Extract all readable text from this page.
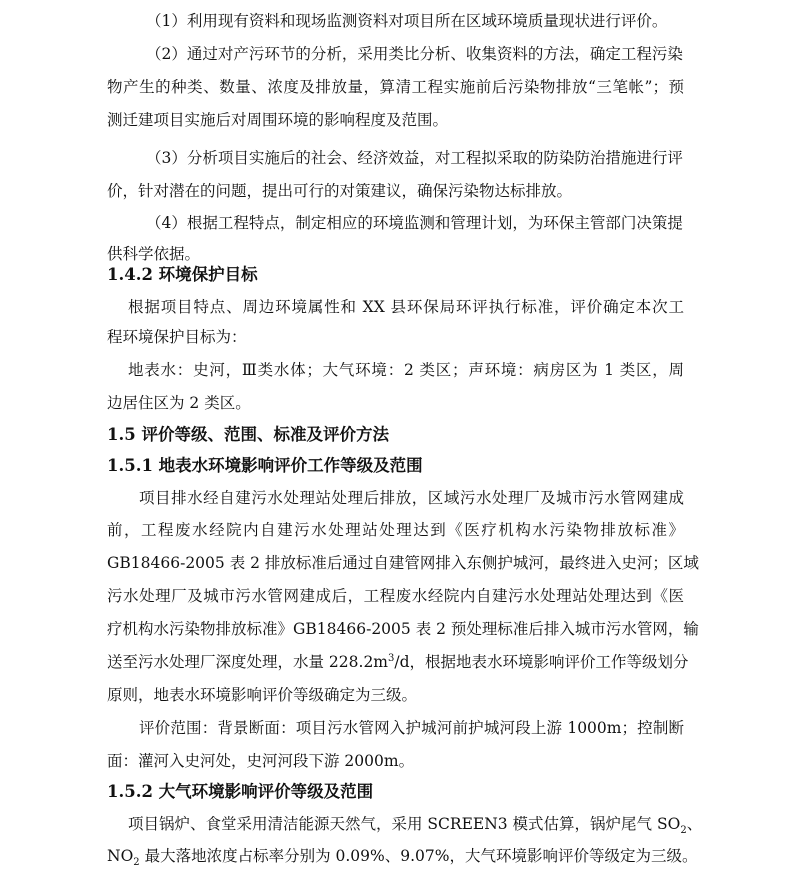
（1）利用现有资料和现场监测资料对项目所在区域环境质量现状进行评价。
（2）通过对产污环节的分析，采用类比分析、收集资料的方法，确定工程污染
物产生的种类、数量、浓度及排放量，算清工程实施前后污染物排放“三笔帐”；预
测迁建项目实施后对周围环境的影响程度及范围。
（3）分析项目实施后的社会、经济效益，对工程拟采取的防染防治措施进行评
价，针对潜在的问题，提出可行的对策建议，确保污染物达标排放。
（4）根据工程特点，制定相应的环境监测和管理计划，为环保主管部门决策提
供科学依据。
1.4.2 环境保护目标
根据项目特点、周边环境属性和 XX 县环保局环评执行标准，评价确定本次工
程环境保护目标为：
地表水：史河，Ⅲ类水体；大气环境：2 类区；声环境：病房区为 1 类区，周
边居住区为 2 类区。
1.5 评价等级、范围、标准及评价方法
1.5.1 地表水环境影响评价工作等级及范围
项目排水经自建污水处理站处理后排放，区域污水处理厂及城市污水管网建成
前，工程废水经院内自建污水处理站处理达到《医疗机构水污染物排放标准》
GB18466-2005 表 2 排放标准后通过自建管网排入东侧护城河，最终进入史河；区域
污水处理厂及城市污水管网建成后，工程废水经院内自建污水处理站处理达到《医
疗机构水污染物排放标准》GB18466-2005 表 2 预处理标准后排入城市污水管网，输
送至污水处理厂深度处理，水量 $228.2m^3/d$，根据地表水环境影响评价工作等级划分
原则，地表水环境影响评价等级确定为三级。
评价范围：背景断面：项目污水管网入护城河前护城河段上游 1000m；控制断
面：灌河入史河处，史河河段下游 2000m。
1.5.2 大气环境影响评价等级及范围
项目锅炉、食堂采用清洁能源天然气，采用 SCREEN3 模式估算，锅炉尾气 $SO_2$、
$NO_2$ 最大落地浓度占标率分别为 0.09%、9.07%，大气环境影响评价等级定为三级。
